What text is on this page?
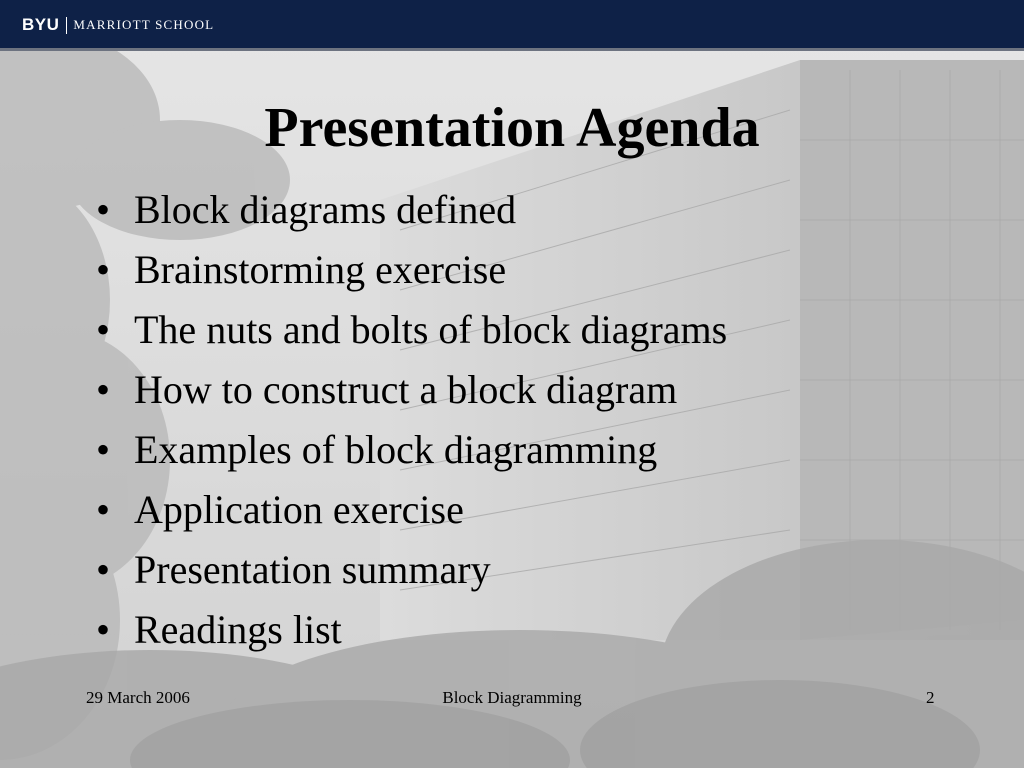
BYU MARRIOTT SCHOOL
Presentation Agenda
• Block diagrams defined
• Brainstorming exercise
• The nuts and bolts of block diagrams
• How to construct a block diagram
• Examples of block diagramming
• Application exercise
• Presentation summary
• Readings list
29 March 2006	Block Diagramming	2
